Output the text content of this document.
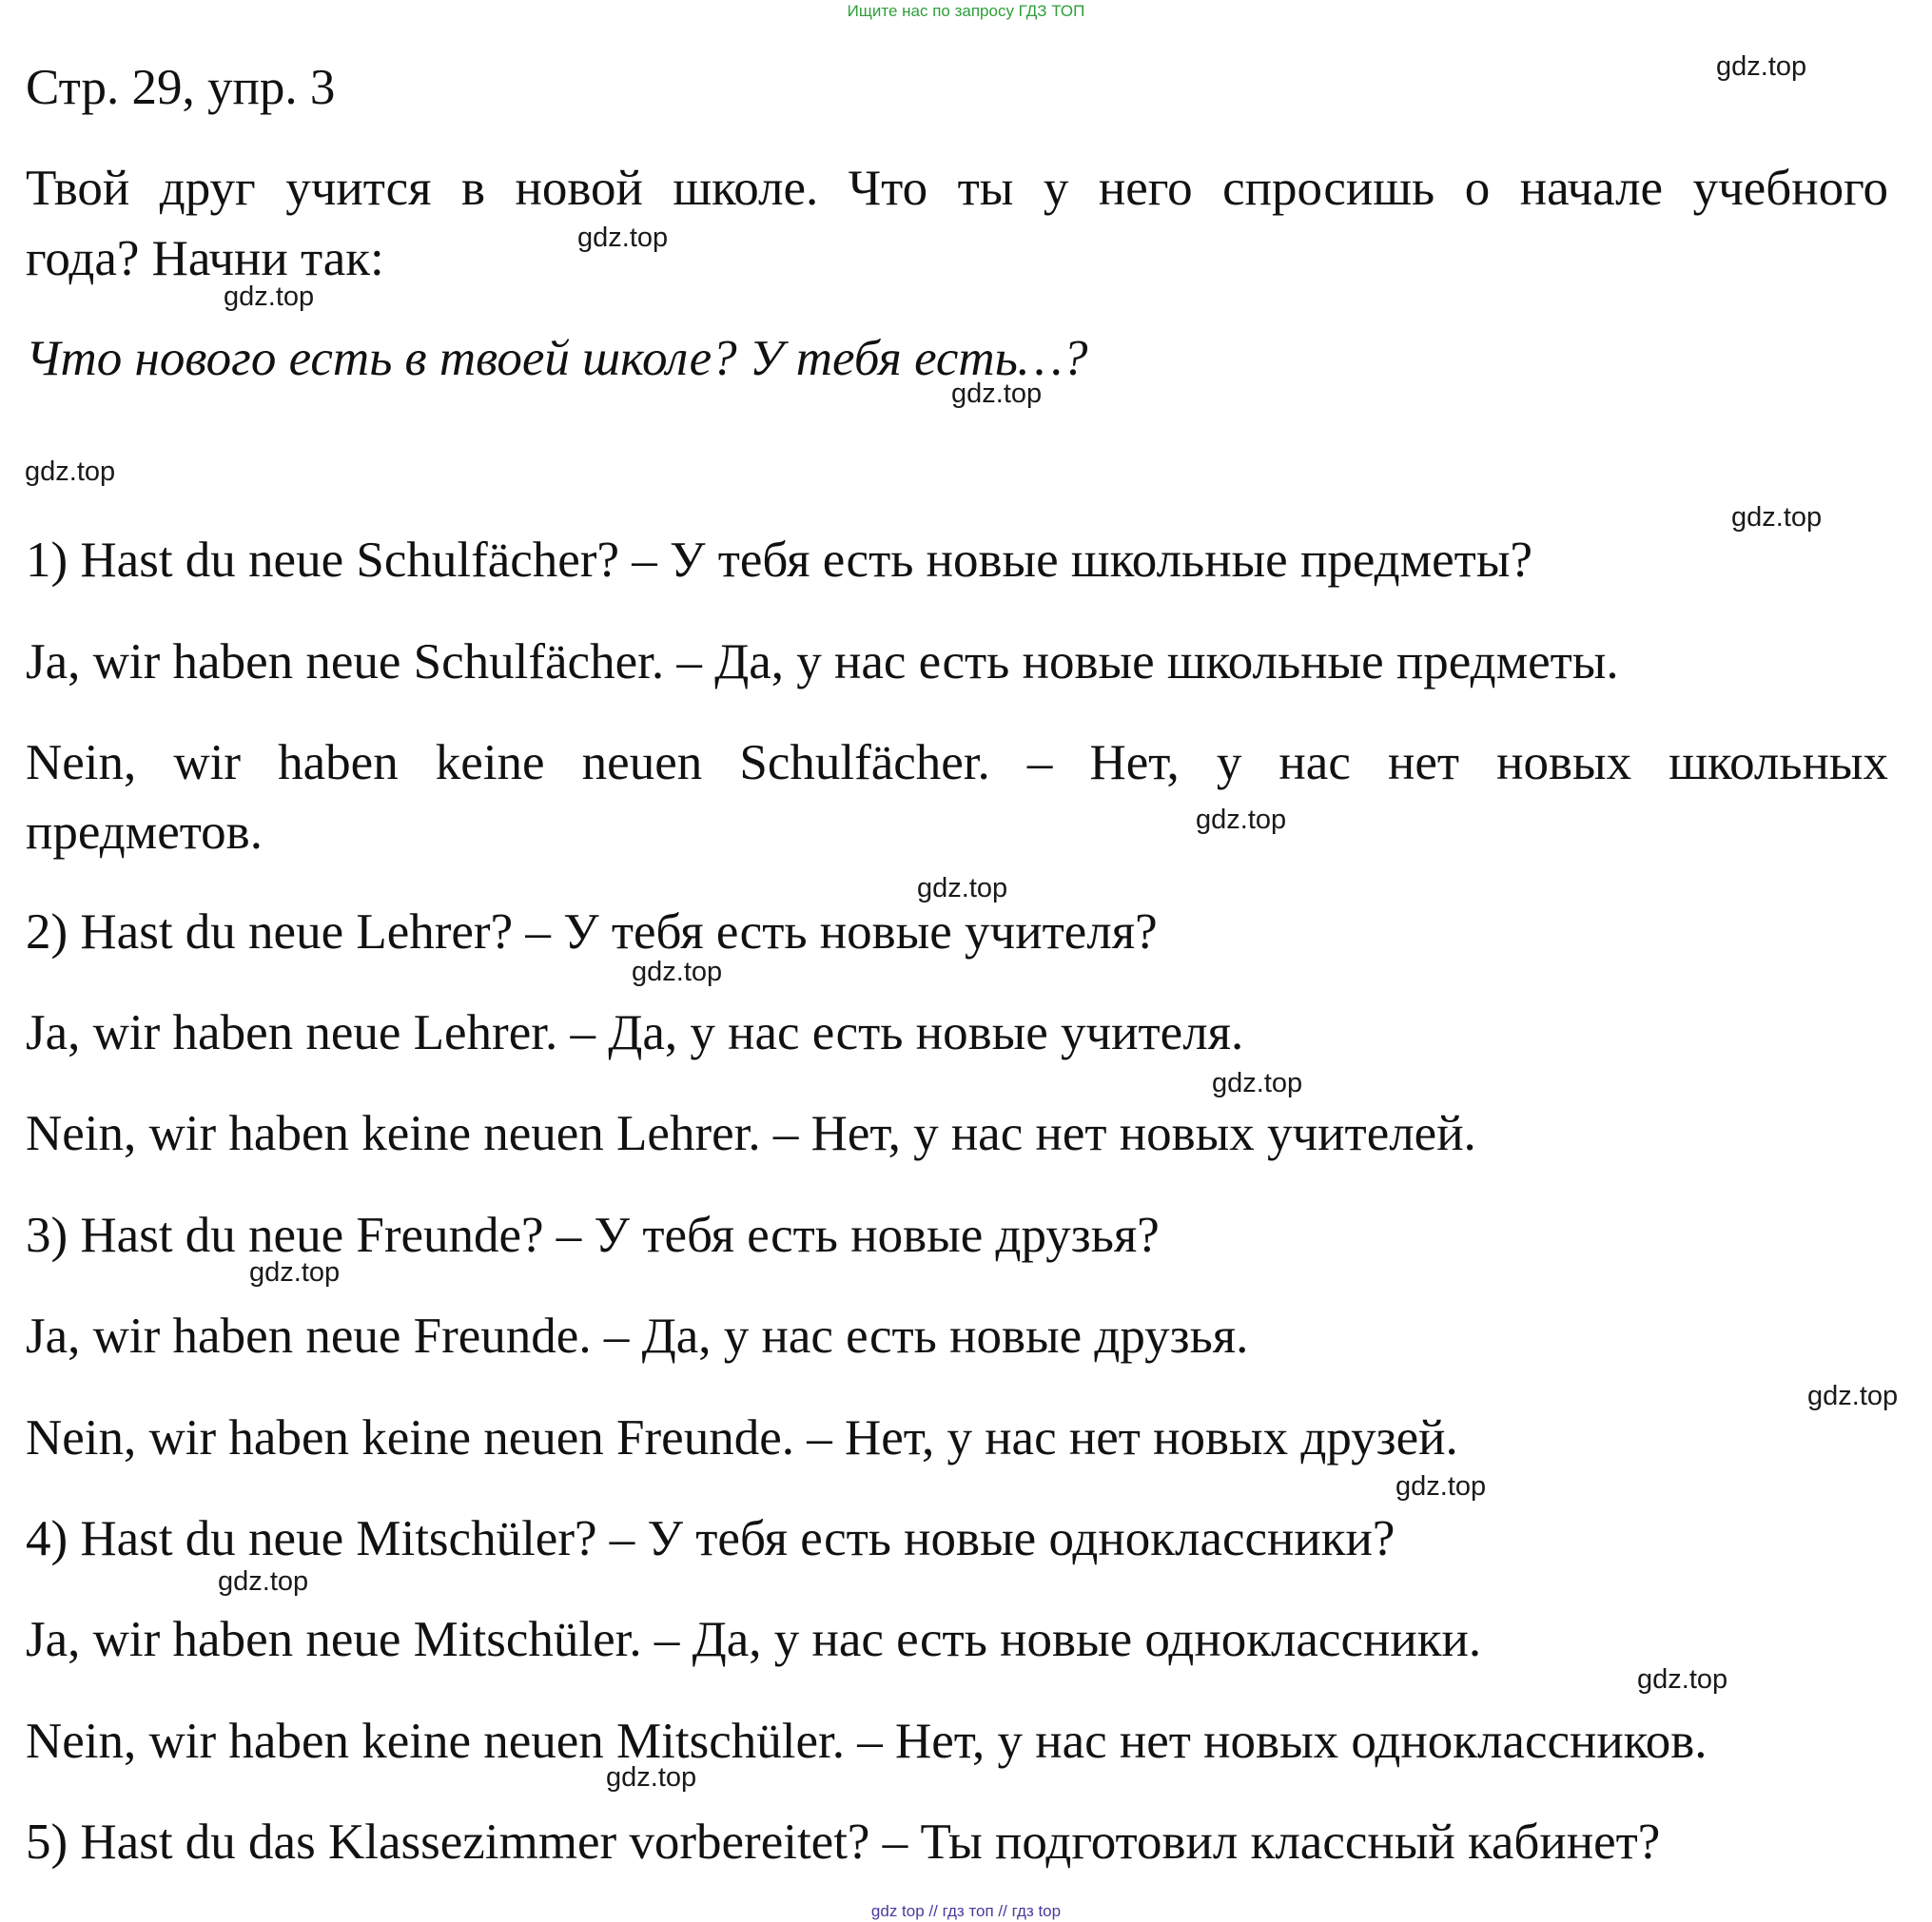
Ищите нас по запросу ГДЗ ТОП
Стр. 29, упр. 3
Твой друг учится в новой школе. Что ты у него спросишь о начале учебного
года? Начни так:
Что нового есть в твоей школе? У тебя есть…?
1) Hast du neue Schulfächer? – У тебя есть новые школьные предметы?
Ja, wir haben neue Schulfächer. – Да, у нас есть новые школьные предметы.
Nein, wir haben keine neuen Schulfächer. – Нет, у нас нет новых школьных
предметов.
2) Hast du neue Lehrer? – У тебя есть новые учителя?
Ja, wir haben neue Lehrer. – Да, у нас есть новые учителя.
Nein, wir haben keine neuen Lehrer. – Нет, у нас нет новых учителей.
3) Hast du neue Freunde? – У тебя есть новые друзья?
Ja, wir haben neue Freunde. – Да, у нас есть новые друзья.
Nein, wir haben keine neuen Freunde. – Нет, у нас нет новых друзей.
4) Hast du neue Mitschüler? – У тебя есть новые одноклассники?
Ja, wir haben neue Mitschüler. – Да, у нас есть новые одноклассники.
Nein, wir haben keine neuen Mitschüler. – Нет, у нас нет новых одноклассников.
5) Hast du das Klassezimmer vorbereitet? – Ты подготовил классный кабинет?
gdz.top
gdz.top
gdz.top
gdz.top
gdz.top
gdz.top
gdz.top
gdz.top
gdz.top
gdz.top
gdz.top
gdz.top
gdz.top
gdz.top
gdz.top
gdz.top
gdz top // гдз топ // гдз top
